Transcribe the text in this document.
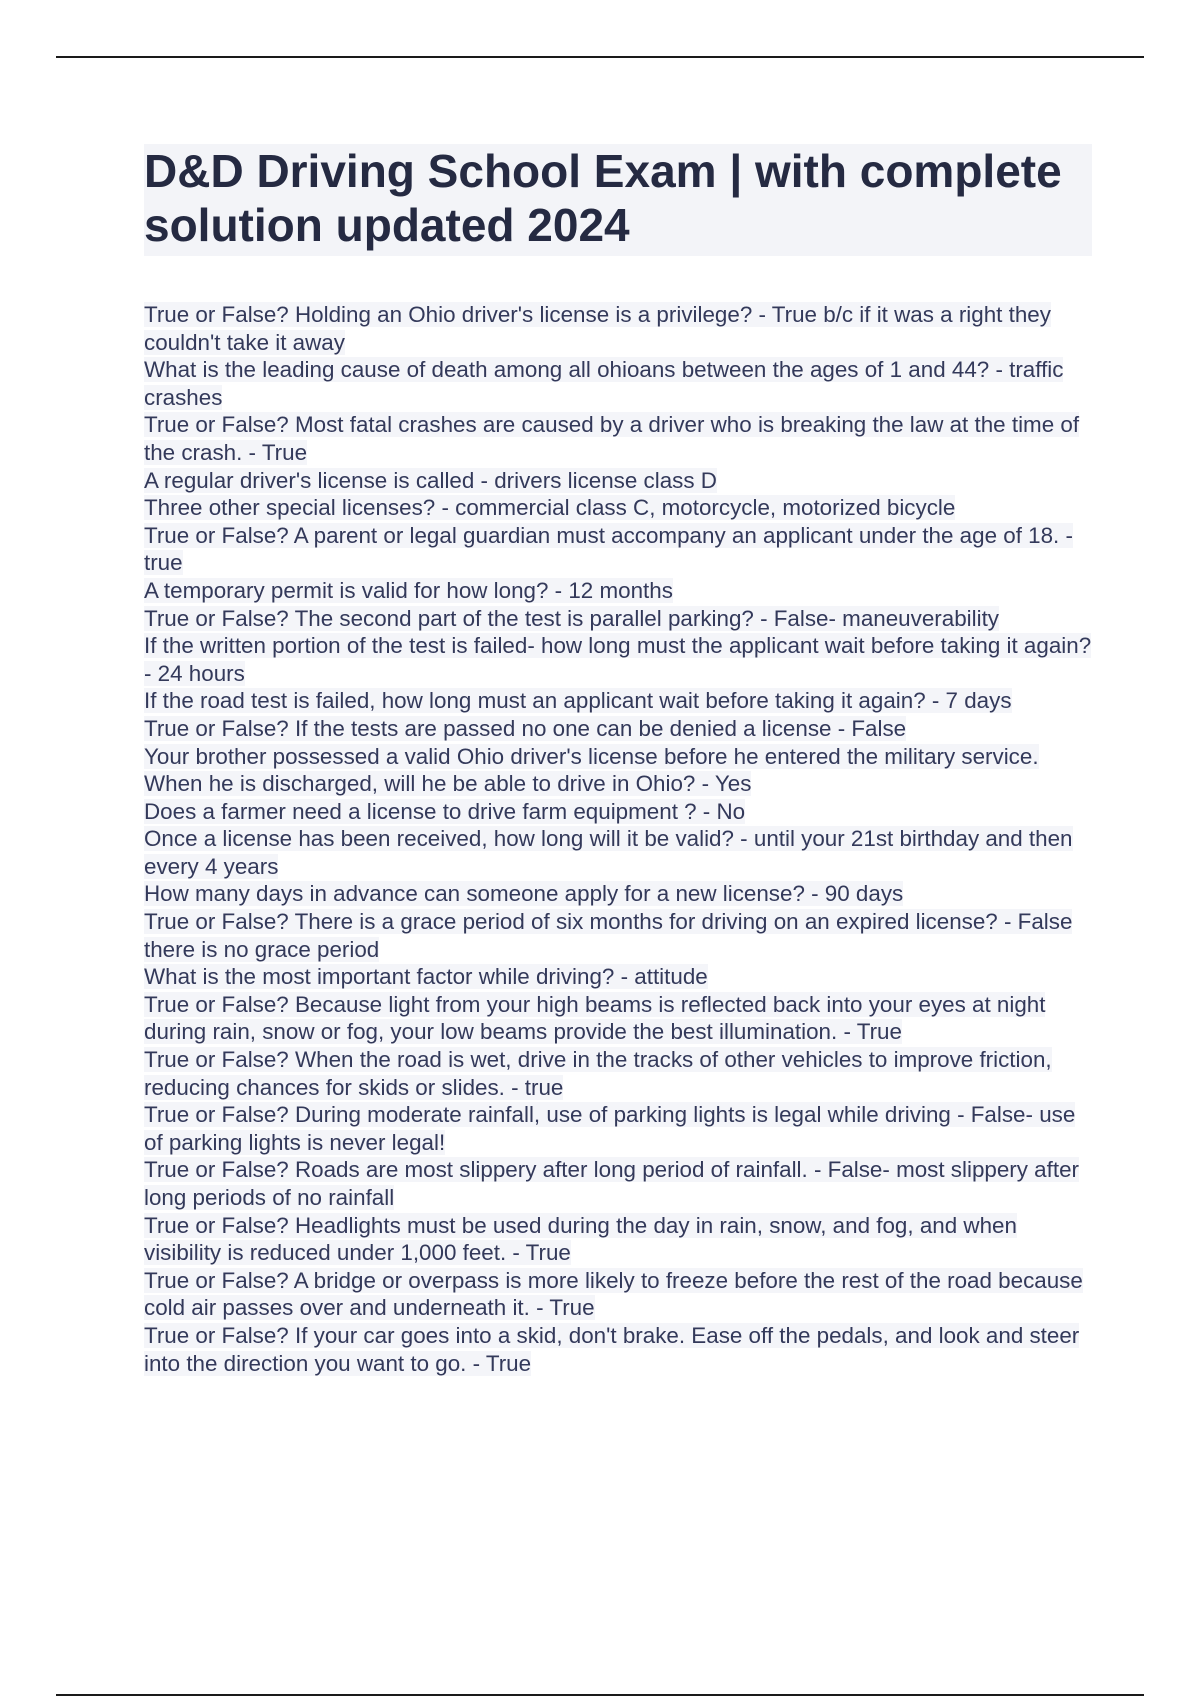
D&D Driving School Exam | with complete solution updated 2024

True or False? Holding an Ohio driver's license is a privilege? - True b/c if it was a right they couldn't take it away

What is the leading cause of death among all ohioans between the ages of 1 and 44? - traffic crashes

True or False? Most fatal crashes are caused by a driver who is breaking the law at the time of the crash. - True

A regular driver's license is called - drivers license class D

Three other special licenses? - commercial class C, motorcycle, motorized bicycle

True or False? A parent or legal guardian must accompany an applicant under the age of 18. - true

A temporary permit is valid for how long? - 12 months

True or False? The second part of the test is parallel parking? - False- maneuverability

If the written portion of the test is failed- how long must the applicant wait before taking it again? - 24 hours

If the road test is failed, how long must an applicant wait before taking it again? - 7 days

True or False? If the tests are passed no one can be denied a license - False

Your brother possessed a valid Ohio driver's license before he entered the military service. When he is discharged, will he be able to drive in Ohio? - Yes

Does a farmer need a license to drive farm equipment ? - No

Once a license has been received, how long will it be valid? - until your 21st birthday and then every 4 years

How many days in advance can someone apply for a new license? - 90 days

True or False? There is a grace period of six months for driving on an expired license? - False there is no grace period

What is the most important factor while driving? - attitude

True or False? Because light from your high beams is reflected back into your eyes at night during rain, snow or fog, your low beams provide the best illumination. - True

True or False? When the road is wet, drive in the tracks of other vehicles to improve friction, reducing chances for skids or slides. - true

True or False? During moderate rainfall, use of parking lights is legal while driving - False- use of parking lights is never legal!

True or False? Roads are most slippery after long period of rainfall. - False- most slippery after long periods of no rainfall

True or False? Headlights must be used during the day in rain, snow, and fog, and when visibility is reduced under 1,000 feet. - True

True or False? A bridge or overpass is more likely to freeze before the rest of the road because cold air passes over and underneath it. - True

True or False? If your car goes into a skid, don't brake. Ease off the pedals, and look and steer into the direction you want to go. - True
